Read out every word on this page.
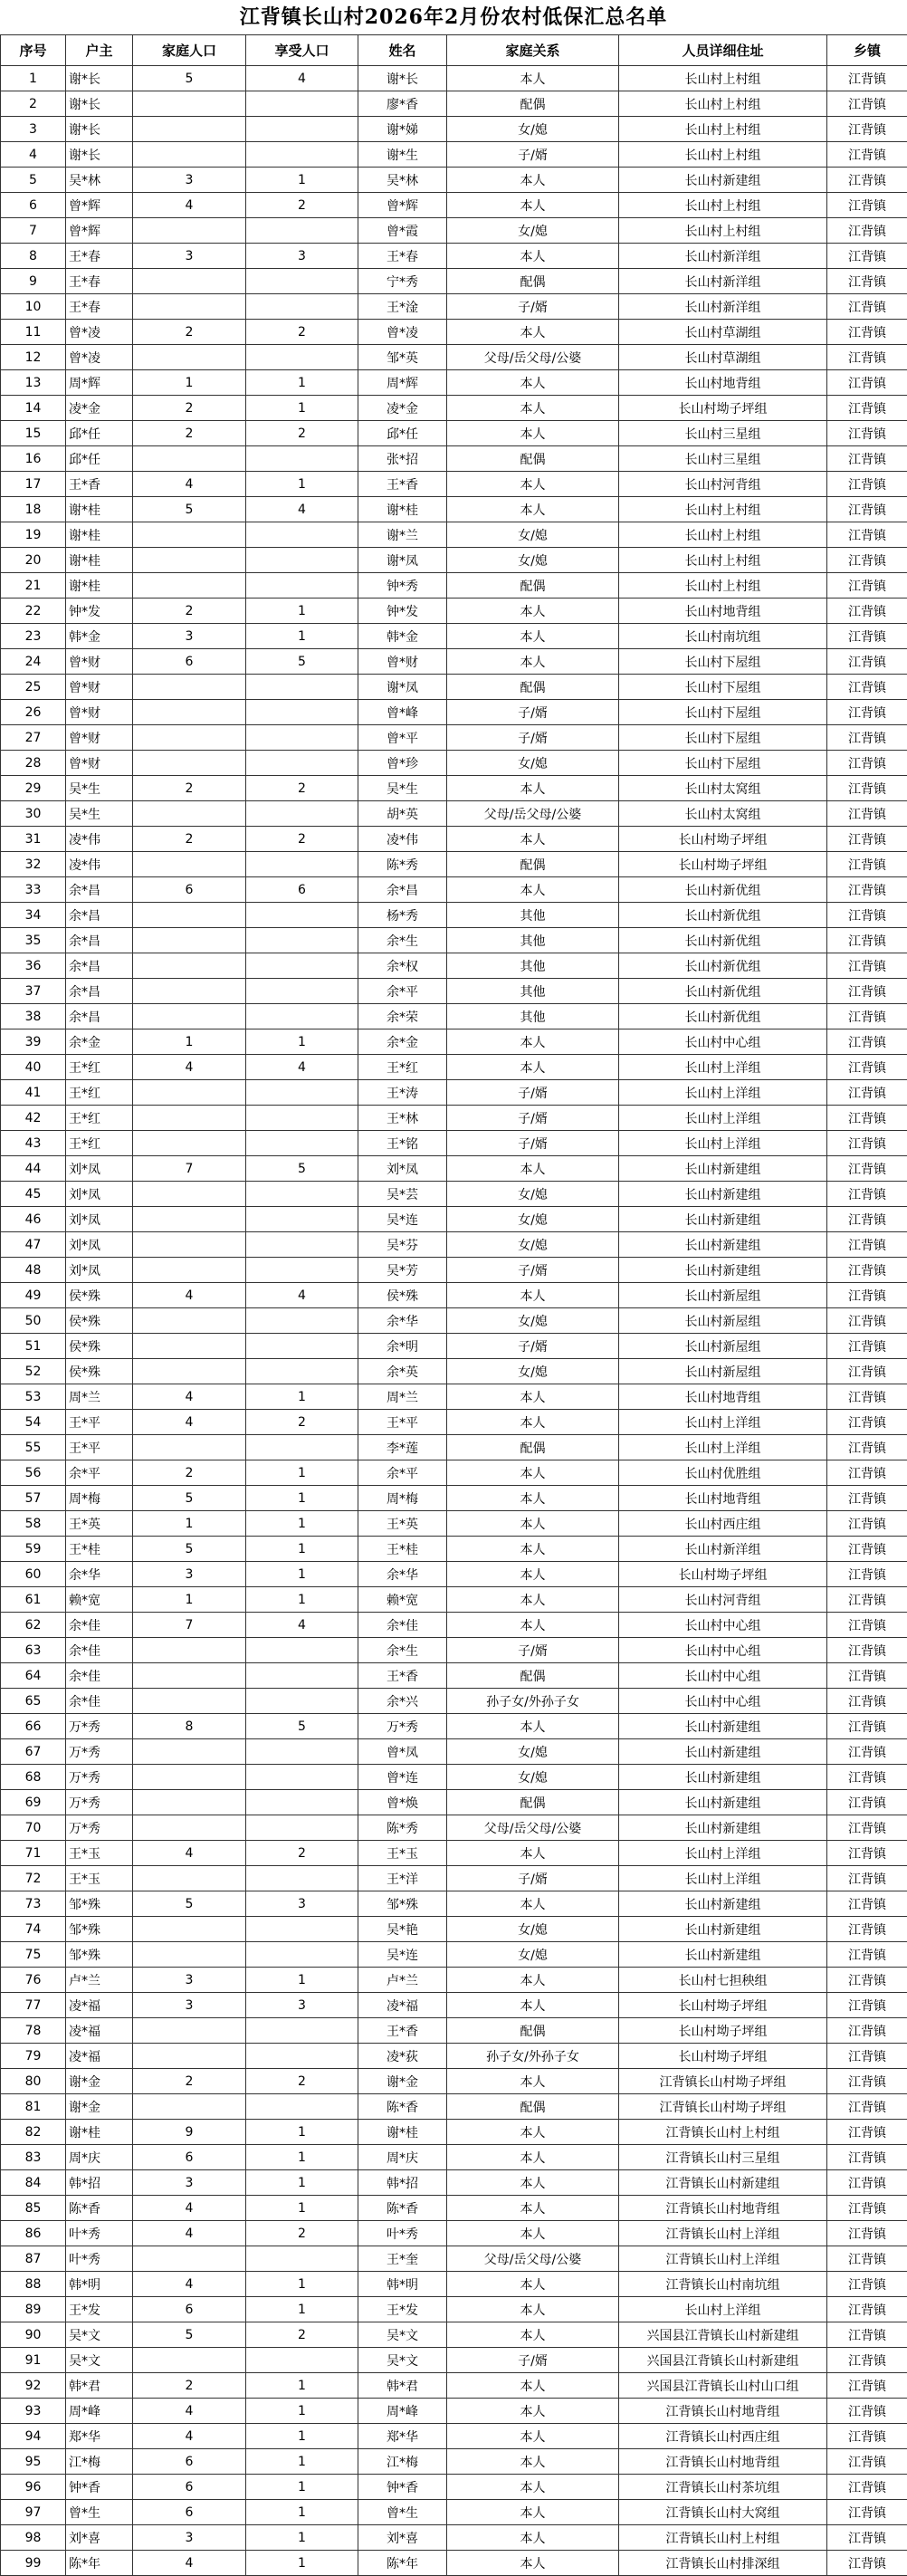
江背镇长山村2026年2月份农村低保汇总名单
序号	户主	家庭人口	享受人口	姓名	家庭关系	人员详细住址	乡镇
1	谢*长	5	4	谢*长	本人	长山村上村组	江背镇
2	谢*长			廖*香	配偶	长山村上村组	江背镇
3	谢*长			谢*娣	女/媳	长山村上村组	江背镇
4	谢*长			谢*生	子/婿	长山村上村组	江背镇
5	吴*林	3	1	吴*林	本人	长山村新建组	江背镇
6	曾*辉	4	2	曾*辉	本人	长山村上村组	江背镇
7	曾*辉			曾*霞	女/媳	长山村上村组	江背镇
8	王*春	3	3	王*春	本人	长山村新洋组	江背镇
9	王*春			宁*秀	配偶	长山村新洋组	江背镇
10	王*春			王*淦	子/婿	长山村新洋组	江背镇
11	曾*凌	2	2	曾*凌	本人	长山村草湖组	江背镇
12	曾*凌			邹*英	父母/岳父母/公婆	长山村草湖组	江背镇
13	周*辉	1	1	周*辉	本人	长山村地背组	江背镇
14	凌*金	2	1	凌*金	本人	长山村坳子坪组	江背镇
15	邱*任	2	2	邱*任	本人	长山村三星组	江背镇
16	邱*任			张*招	配偶	长山村三星组	江背镇
17	王*香	4	1	王*香	本人	长山村河背组	江背镇
18	谢*桂	5	4	谢*桂	本人	长山村上村组	江背镇
19	谢*桂			谢*兰	女/媳	长山村上村组	江背镇
20	谢*桂			谢*凤	女/媳	长山村上村组	江背镇
21	谢*桂			钟*秀	配偶	长山村上村组	江背镇
22	钟*发	2	1	钟*发	本人	长山村地背组	江背镇
23	韩*金	3	1	韩*金	本人	长山村南坑组	江背镇
24	曾*财	6	5	曾*财	本人	长山村下屋组	江背镇
25	曾*财			谢*凤	配偶	长山村下屋组	江背镇
26	曾*财			曾*峰	子/婿	长山村下屋组	江背镇
27	曾*财			曾*平	子/婿	长山村下屋组	江背镇
28	曾*财			曾*珍	女/媳	长山村下屋组	江背镇
29	吴*生	2	2	吴*生	本人	长山村太窝组	江背镇
30	吴*生			胡*英	父母/岳父母/公婆	长山村太窝组	江背镇
31	凌*伟	2	2	凌*伟	本人	长山村坳子坪组	江背镇
32	凌*伟			陈*秀	配偶	长山村坳子坪组	江背镇
33	余*昌	6	6	余*昌	本人	长山村新优组	江背镇
34	余*昌			杨*秀	其他	长山村新优组	江背镇
35	余*昌			余*生	其他	长山村新优组	江背镇
36	余*昌			余*权	其他	长山村新优组	江背镇
37	余*昌			余*平	其他	长山村新优组	江背镇
38	余*昌			余*荣	其他	长山村新优组	江背镇
39	余*金	1	1	余*金	本人	长山村中心组	江背镇
40	王*红	4	4	王*红	本人	长山村上洋组	江背镇
41	王*红			王*涛	子/婿	长山村上洋组	江背镇
42	王*红			王*林	子/婿	长山村上洋组	江背镇
43	王*红			王*铭	子/婿	长山村上洋组	江背镇
44	刘*凤	7	5	刘*凤	本人	长山村新建组	江背镇
45	刘*凤			吴*芸	女/媳	长山村新建组	江背镇
46	刘*凤			吴*连	女/媳	长山村新建组	江背镇
47	刘*凤			吴*芬	女/媳	长山村新建组	江背镇
48	刘*凤			吴*芳	子/婿	长山村新建组	江背镇
49	侯*殊	4	4	侯*殊	本人	长山村新屋组	江背镇
50	侯*殊			余*华	女/媳	长山村新屋组	江背镇
51	侯*殊			余*明	子/婿	长山村新屋组	江背镇
52	侯*殊			余*英	女/媳	长山村新屋组	江背镇
53	周*兰	4	1	周*兰	本人	长山村地背组	江背镇
54	王*平	4	2	王*平	本人	长山村上洋组	江背镇
55	王*平			李*莲	配偶	长山村上洋组	江背镇
56	余*平	2	1	余*平	本人	长山村优胜组	江背镇
57	周*梅	5	1	周*梅	本人	长山村地背组	江背镇
58	王*英	1	1	王*英	本人	长山村西庄组	江背镇
59	王*桂	5	1	王*桂	本人	长山村新洋组	江背镇
60	余*华	3	1	余*华	本人	长山村坳子坪组	江背镇
61	赖*宽	1	1	赖*宽	本人	长山村河背组	江背镇
62	余*佳	7	4	余*佳	本人	长山村中心组	江背镇
63	余*佳			余*生	子/婿	长山村中心组	江背镇
64	余*佳			王*香	配偶	长山村中心组	江背镇
65	余*佳			余*兴	孙子女/外孙子女	长山村中心组	江背镇
66	万*秀	8	5	万*秀	本人	长山村新建组	江背镇
67	万*秀			曾*凤	女/媳	长山村新建组	江背镇
68	万*秀			曾*连	女/媳	长山村新建组	江背镇
69	万*秀			曾*焕	配偶	长山村新建组	江背镇
70	万*秀			陈*秀	父母/岳父母/公婆	长山村新建组	江背镇
71	王*玉	4	2	王*玉	本人	长山村上洋组	江背镇
72	王*玉			王*洋	子/婿	长山村上洋组	江背镇
73	邹*殊	5	3	邹*殊	本人	长山村新建组	江背镇
74	邹*殊			吴*艳	女/媳	长山村新建组	江背镇
75	邹*殊			吴*连	女/媳	长山村新建组	江背镇
76	卢*兰	3	1	卢*兰	本人	长山村七担秧组	江背镇
77	凌*福	3	3	凌*福	本人	长山村坳子坪组	江背镇
78	凌*福			王*香	配偶	长山村坳子坪组	江背镇
79	凌*福			凌*荻	孙子女/外孙子女	长山村坳子坪组	江背镇
80	谢*金	2	2	谢*金	本人	江背镇长山村坳子坪组	江背镇
81	谢*金			陈*香	配偶	江背镇长山村坳子坪组	江背镇
82	谢*桂	9	1	谢*桂	本人	江背镇长山村上村组	江背镇
83	周*庆	6	1	周*庆	本人	江背镇长山村三星组	江背镇
84	韩*招	3	1	韩*招	本人	江背镇长山村新建组	江背镇
85	陈*香	4	1	陈*香	本人	江背镇长山村地背组	江背镇
86	叶*秀	4	2	叶*秀	本人	江背镇长山村上洋组	江背镇
87	叶*秀			王*奎	父母/岳父母/公婆	江背镇长山村上洋组	江背镇
88	韩*明	4	1	韩*明	本人	江背镇长山村南坑组	江背镇
89	王*发	6	1	王*发	本人	长山村上洋组	江背镇
90	吴*文	5	2	吴*文	本人	兴国县江背镇长山村新建组	江背镇
91	吴*文			吴*文	子/婿	兴国县江背镇长山村新建组	江背镇
92	韩*君	2	1	韩*君	本人	兴国县江背镇长山村山口组	江背镇
93	周*峰	4	1	周*峰	本人	江背镇长山村地背组	江背镇
94	郑*华	4	1	郑*华	本人	江背镇长山村西庄组	江背镇
95	江*梅	6	1	江*梅	本人	江背镇长山村地背组	江背镇
96	钟*香	6	1	钟*香	本人	江背镇长山村茶坑组	江背镇
97	曾*生	6	1	曾*生	本人	江背镇长山村大窝组	江背镇
98	刘*喜	3	1	刘*喜	本人	江背镇长山村上村组	江背镇
99	陈*年	4	1	陈*年	本人	江背镇长山村排深组	江背镇
